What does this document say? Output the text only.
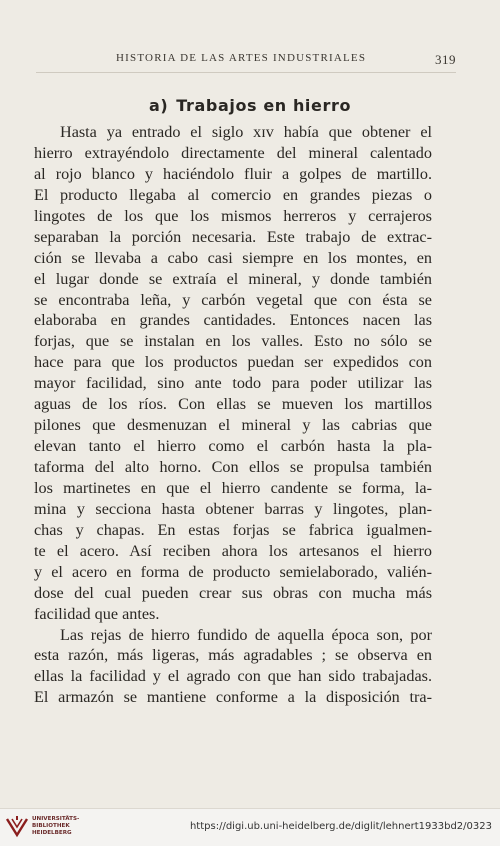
HISTORIA DE LAS ARTES INDUSTRIALES	319
a) Trabajos en hierro
Hasta ya entrado el siglo xɪv había que obtener el
hierro extrayéndolo directamente del mineral calentado
al rojo blanco y haciéndolo fluir a golpes de martillo.
El producto llegaba al comercio en grandes piezas o
lingotes de los que los mismos herreros y cerrajeros
separaban la porción necesaria. Este trabajo de extrac-
ción se llevaba a cabo casi siempre en los montes, en
el lugar donde se extraía el mineral, y donde también
se encontraba leña, y carbón vegetal que con ésta se
elaboraba en grandes cantidades. Entonces nacen las
forjas, que se instalan en los valles. Esto no sólo se
hace para que los productos puedan ser expedidos con
mayor facilidad, sino ante todo para poder utilizar las
aguas de los ríos. Con ellas se mueven los martillos
pilones que desmenuzan el mineral y las cabrias que
elevan tanto el hierro como el carbón hasta la pla-
taforma del alto horno. Con ellos se propulsa también
los martinetes en que el hierro candente se forma, la-
mina y secciona hasta obtener barras y lingotes, plan-
chas y chapas. En estas forjas se fabrica igualmen-
te el acero. Así reciben ahora los artesanos el hierro
y el acero en forma de producto semielaborado, valién-
dose del cual pueden crear sus obras con mucha más
facilidad que antes.
Las rejas de hierro fundido de aquella época son, por
esta razón, más ligeras, más agradables ; se observa en
ellas la facilidad y el agrado con que han sido trabajadas.
El armazón se mantiene conforme a la disposición tra-
UNIVERSITÄTS-
BIBLIOTHEK
HEIDELBERG
https://digi.ub.uni-heidelberg.de/diglit/lehnert1933bd2/0323
